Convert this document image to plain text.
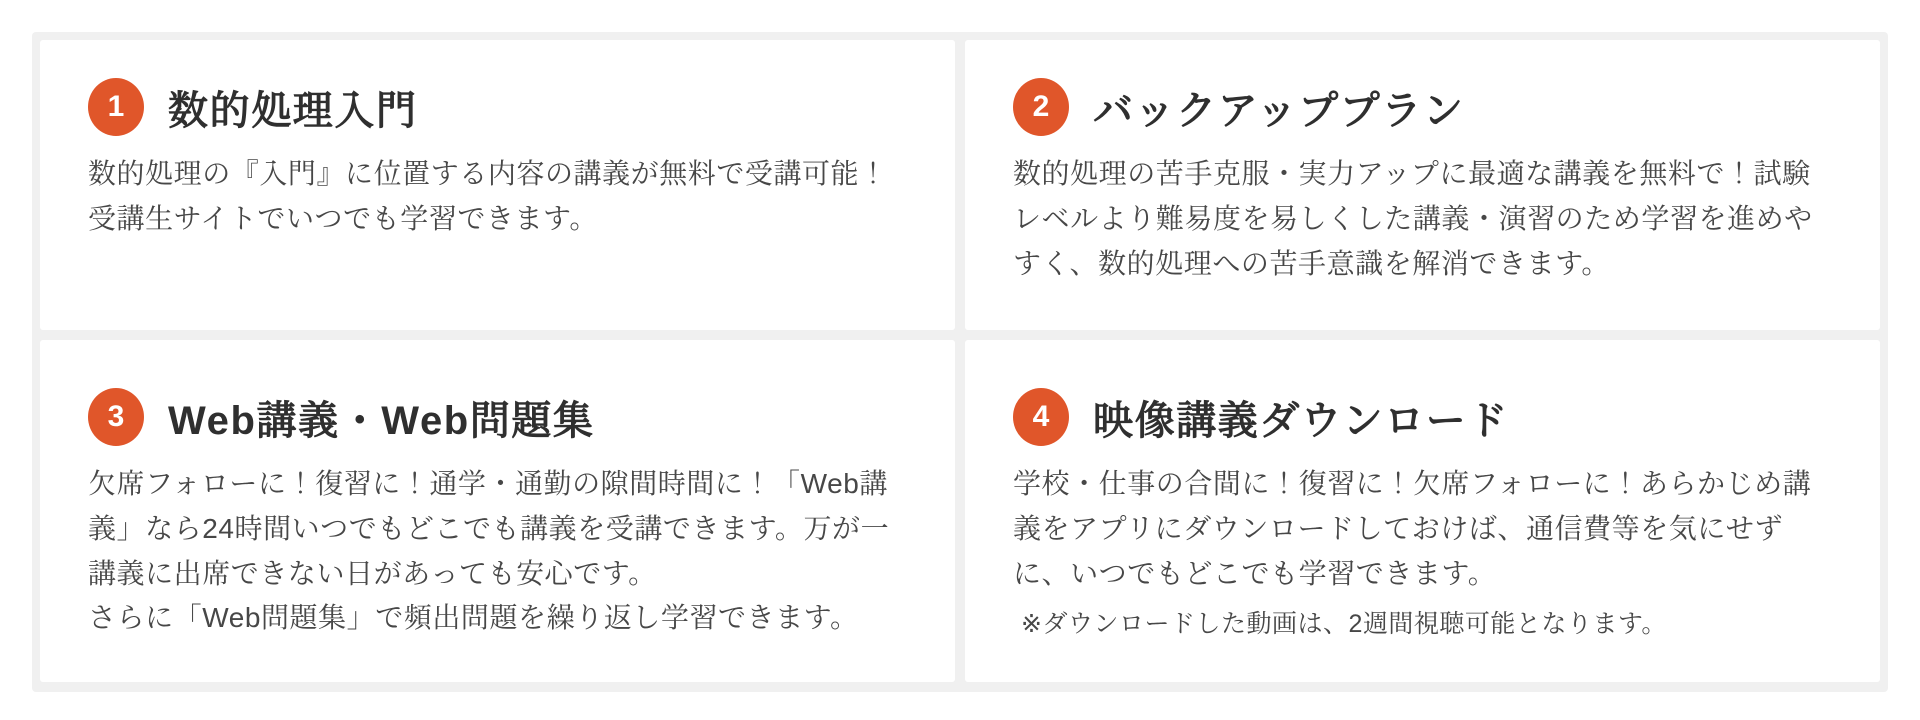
1	数的処理入門

数的処理の『入門』に位置する内容の講義が無料で受講可能！受講生サイトでいつでも学習できます。

2	バックアッププラン

数的処理の苦手克服・実力アップに最適な講義を無料で！試験レベルより難易度を易しくした講義・演習のため学習を進めやすく、数的処理への苦手意識を解消できます。

3	Web講義・Web問題集

欠席フォローに！復習に！通学・通勤の隙間時間に！「Web講義」なら24時間いつでもどこでも講義を受講できます。万が一講義に出席できない日があっても安心です。

さらに「Web問題集」で頻出問題を繰り返し学習できます。

4	映像講義ダウンロード

学校・仕事の合間に！復習に！欠席フォローに！あらかじめ講義をアプリにダウンロードしておけば、通信費等を気にせずに、いつでもどこでも学習できます。

※ダウンロードした動画は、2週間視聴可能となります。
